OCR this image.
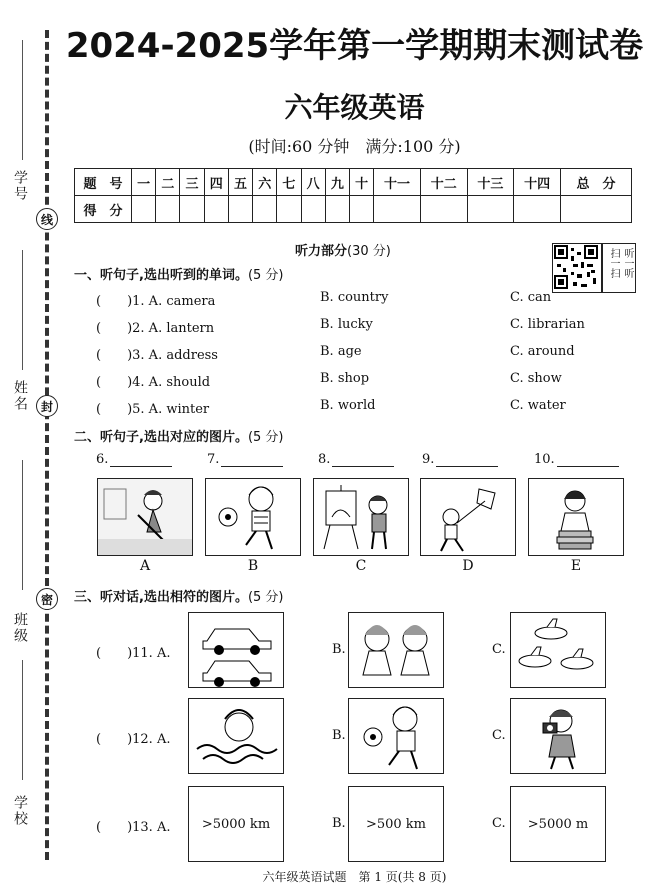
学号
线
姓名	封
密
班级
学校
2024-2025学年第一学期期末测试卷
六年级英语
(时间:60 分钟　满分:100 分)
题　号	一	二	三	四	五	六	七	八	九	十	十一	十二	十三	十四	总　分
得　分															
听力部分(30 分)	扫一扫 听一听
一、听句子,选出听到的单词。(5 分)
(　　)1. A. camera	B. country	C. can
(　　)2. A. lantern	B. lucky	C. librarian
(　　)3. A. address	B. age	C. around
(　　)4. A. should	B. shop	C. show
(　　)5. A. winter	B. world	C. water
二、听句子,选出对应的图片。(5 分)
6.	7.	8.	9.	10.
A	B	C	D	E
三、听对话,选出相符的图片。(5 分)
(　　)11. A.	B.	C.
(　　)12. A.	B.	C.
(　　)13. A.	>5000 km	B.	>500 km	C.	>5000 m
六年级英语试题　第 1 页(共 8 页)
